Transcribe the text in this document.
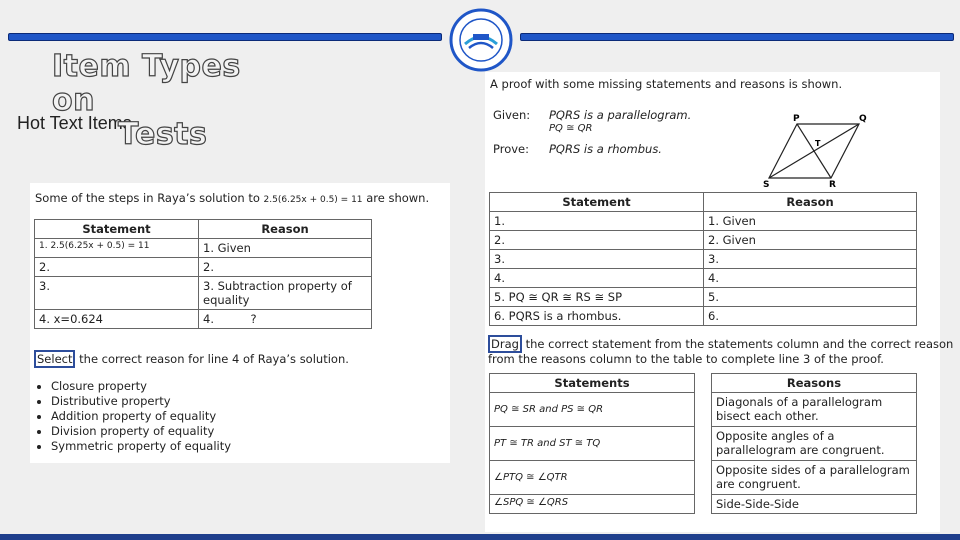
Item Types on
Tests
Hot Text Items
Some of the steps in Raya’s solution to 2.5(6.25x + 0.5) = 11 are shown.
Statement	Reason
1. 2.5(6.25x + 0.5) = 11	1. Given
2.	2.
3.	3. Subtraction property of equality
4. x=0.624	4.          ?
Select the correct reason for line 4 of Raya’s solution.
• Closure property
• Distributive property
• Addition property of equality
• Division property of equality
• Symmetric property of equality
A proof with some missing statements and reasons is shown.
Given: PQRS is a parallelogram.
PQ ≅ QR
Prove: PQRS is a rhombus.
P	Q
R
S
T
Statement	Reason
1.	1. Given
2.	2. Given
3.	3.
4.	4.
5. PQ ≅ QR ≅ RS ≅ SP	5.
6. PQRS is a rhombus.	6.
Drag the correct statement from the statements column and the correct reason
from the reasons column to the table to complete line 3 of the proof.
Statements
PQ ≅ SR and PS ≅ QR
PT ≅ TR and ST ≅ TQ
∠PTQ ≅ ∠QTR
∠SPQ ≅ ∠QRS
Reasons
Diagonals of a parallelogram bisect each other.
Opposite angles of a parallelogram are congruent.
Opposite sides of a parallelogram are congruent.
Side-Side-Side
